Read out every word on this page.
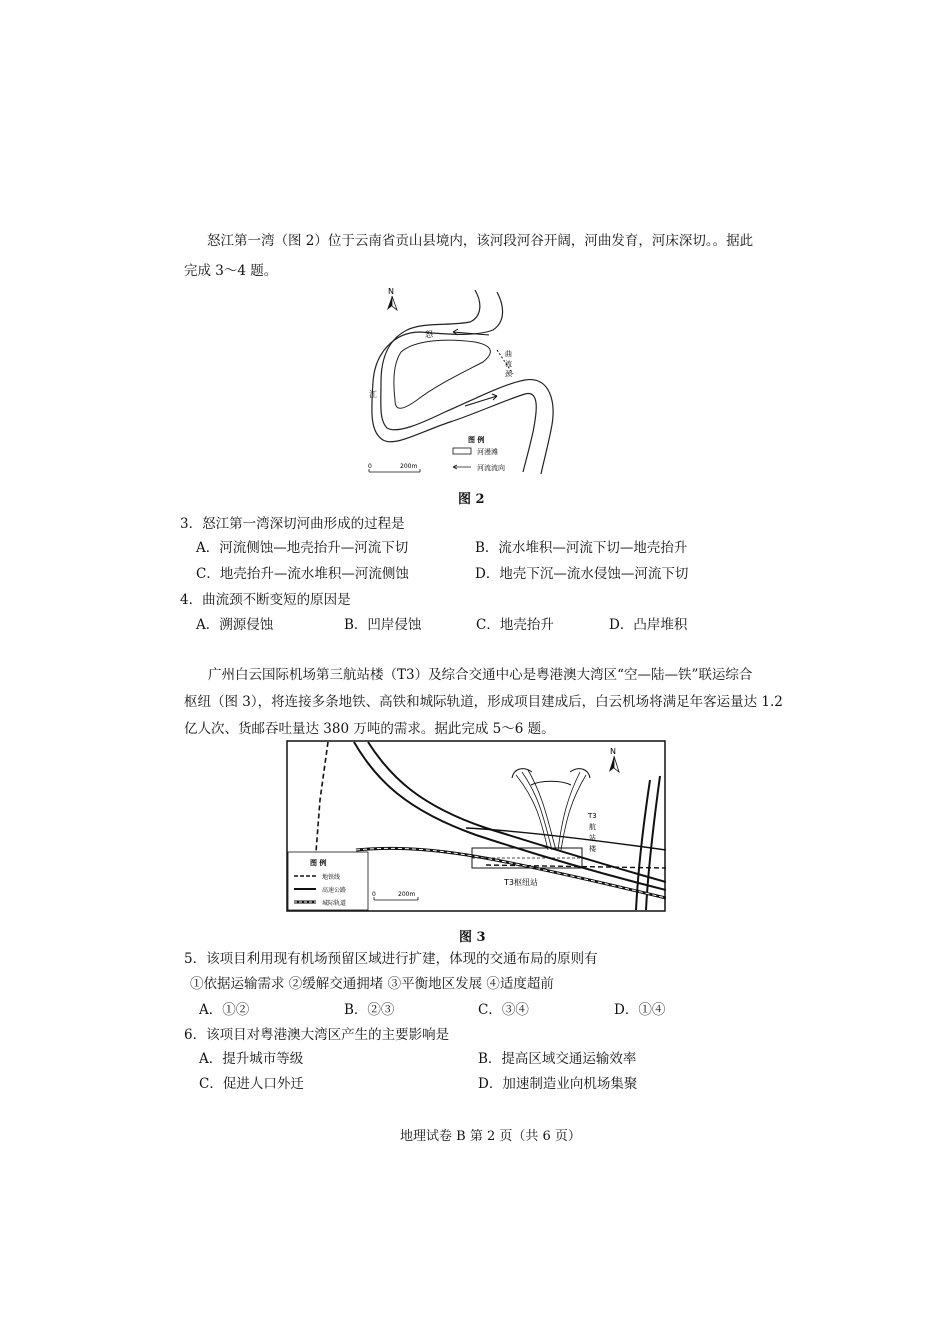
怒江第一湾（图 2）位于云南省贡山县境内，该河段河谷开阔，河曲发育，河床深切。。据此
完成 3～4 题。
N
怒
江
曲
流
颈
图 例
河漫滩
河流流向
0	200m
图 2
3．怒江第一湾深切河曲形成的过程是
A．河流侧蚀—地壳抬升—河流下切	B．流水堆积—河流下切—地壳抬升
C．地壳抬升—流水堆积—河流侧蚀	D．地壳下沉—流水侵蚀—河流下切
4．曲流颈不断变短的原因是
A．溯源侵蚀	B．凹岸侵蚀	C．地壳抬升	D．凸岸堆积
广州白云国际机场第三航站楼（T3）及综合交通中心是粤港澳大湾区“空—陆—铁”联运综合
枢纽（图 3），将连接多条地铁、高铁和城际轨道，形成项目建成后，白云机场将满足年客运量达 1.2
亿人次、货邮吞吐量达 380 万吨的需求。据此完成 5～6 题。
N
T3
航
站
楼
T3枢纽站
图 例
地铁线
高速公路
城际轨道
0	200m
图 3
5．该项目利用现有机场预留区域进行扩建，体现的交通布局的原则有
①依据运输需求 ②缓解交通拥堵 ③平衡地区发展 ④适度超前
A．①②	B．②③	C．③④	D．①④
6．该项目对粤港澳大湾区产生的主要影响是
A．提升城市等级	B．提高区域交通运输效率
C．促进人口外迁	D．加速制造业向机场集聚
地理试卷 B 第 2 页（共 6 页）
